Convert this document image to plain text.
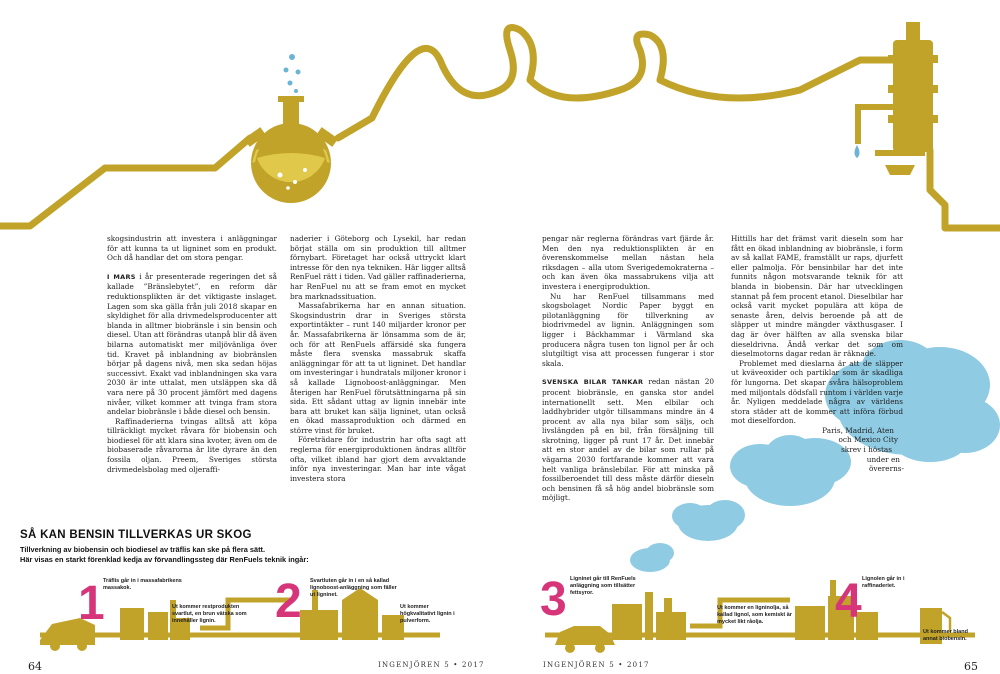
skogsindustrin att investera i anläggningar för att kunna ta ut ligninet som en produkt. Och då handlar det om stora pengar.

I MARS i år presenterade regeringen det så kallade ”Bränslebytet”, en reform där reduktionsplikten är det viktigaste inslaget. Lagen som ska gälla från juli 2018 skapar en skyldighet för alla drivmedelsproducenter att blanda in alltmer biobränsle i sin bensin och diesel. Utan att förändras utanpå blir då även bilarna automatiskt mer miljövänliga över tid. Kravet på inblandning av biobränslen börjar på dagens nivå, men ska sedan höjas successivt. Exakt vad inblandningen ska vara 2030 är inte uttalat, men utsläppen ska då vara nere på 30 procent jämfört med dagens nivåer, vilket kommer att tvinga fram stora andelar biobränsle i både diesel och bensin.

Raffinaderierna tvingas alltså att köpa tillräckligt mycket råvara för biobensin och biodiesel för att klara sina kvoter, även om de biobaserade råvarorna är lite dyrare än den fossila oljan. Preem, Sveriges största drivmedelsbolag med oljeraffi-

naderier i Göteborg och Lysekil, har redan börjat ställa om sin produktion till alltmer förnybart. Företaget har också uttryckt klart intresse för den nya tekniken. Här ligger alltså RenFuel rätt i tiden. Vad gäller raffinaderierna, har RenFuel nu att se fram emot en mycket bra marknadssituation.

Massafabrikerna har en annan situation. Skogsindustrin drar in Sveriges största exportintäkter – runt 140 miljarder kronor per år. Massafabrikerna är lönsamma som de är, och för att RenFuels affärsidé ska fungera måste flera svenska massabruk skaffa anläggningar för att ta ut ligninet. Det handlar om investeringar i hundratals miljoner kronor i så kallade Lignoboost-anläggningar. Men återigen har RenFuel förutsättningarna på sin sida. Ett sådant uttag av lignin innebär inte bara att bruket kan sälja ligninet, utan också en ökad massaproduktion och därmed en större vinst för bruket.

Företrädare för industrin har ofta sagt att reglerna för energiproduktionen ändras alltför ofta, vilket ibland har gjort dem avvaktande inför nya investeringar. Man har inte vågat investera stora

pengar när reglerna förändras vart fjärde år. Men den nya reduktionsplikten är en överenskommelse mellan nästan hela riksdagen – alla utom Sverigedemokraterna – och kan även öka massabrukens vilja att investera i energiproduktion.

Nu har RenFuel tillsammans med skogsbolaget Nordic Paper byggt en pilotanläggning för tillverkning av biodrivmedel av lignin. Anläggningen som ligger i Bäckhammar i Värmland ska producera några tusen ton lignol per år och slutgiltigt visa att processen fungerar i stor skala.

SVENSKA BILAR TANKAR redan nästan 20 procent biobränsle, en ganska stor andel internationellt sett. Men elbilar och laddhybrider utgör tillsammans mindre än 4 procent av alla nya bilar som säljs, och livslängden på en bil, från försäljning till skrotning, ligger på runt 17 år. Det innebär att en stor andel av de bilar som rullar på vägarna 2030 fortfarande kommer att vara helt vanliga bränslebilar. För att minska på fossilberoendet till dess måste därför dieseln och bensinen få så hög andel biobränsle som möjligt.

Hittills har det främst varit dieseln som har fått en ökad inblandning av biobränsle, i form av så kallat FAME, framställt ur raps, djurfett eller palmolja. För bensinbilar har det inte funnits någon motsvarande teknik för att blanda in biobensin. Där har utvecklingen stannat på fem procent etanol. Dieselbilar har också varit mycket populära att köpa de senaste åren, delvis beroende på att de släpper ut mindre mängder växthusgaser. I dag är över hälften av alla svenska bilar dieseldrivna. Ändå verkar det som om dieselmotorns dagar redan är räknade.

Problemet med dieslarna är att de släpper ut kväveoxider och partiklar som är skadliga för lungorna. Det skapar svåra hälsoproblem med miljontals dödsfall runtom i världen varje år. Nyligen meddelade några av världens stora städer att de kommer att införa förbud mot dieselfordon.

Paris, Madrid, Aten
och Mexico City
skrev i höstas
under en
övererns-
SÅ KAN BENSIN TILLVERKAS UR SKOG
Tillverkning av biobensin och biodiesel av träflis kan ske på flera sätt.
Här visas en starkt förenklad kedja av förvandlingssteg där RenFuels teknik ingår:
1
Träflis går in i massafabrikens massakok.
Ut kommer restprodukten svartlut, en brun vätska som innehåller lignin.	2 Svartluten går in i en så kallad lignoboost-anläggning som fäller ut ligninet.
Ut kommer högkvalitativt lignin i pulverform.	3 Ligninet går till RenFuels anläggning som tillsätter fettsyror.
Ut kommer en ligninolja, så kallad lignol, som kemiskt är mycket likt råolja.	4 Lignolen går in i raffinaderiet.
Ut kommer bland annat biobensin.
64	INGENJÖREN 5 • 2017	INGENJÖREN 5 • 2017	65
